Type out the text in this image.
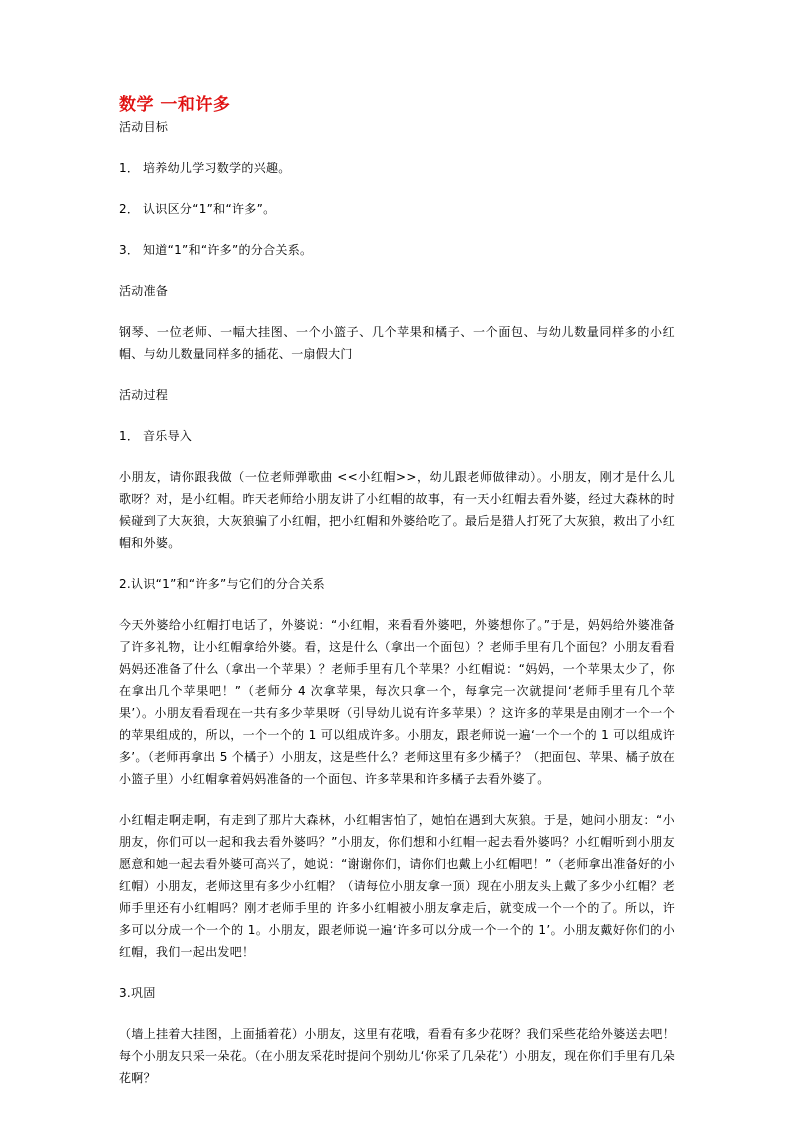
数学 一和许多

活动目标

1． 培养幼儿学习数学的兴趣。

2． 认识区分“1”和“许多”。

3． 知道“1”和“许多”的分合关系。

活动准备

钢琴、一位老师、一幅大挂图、一个小篮子、几个苹果和橘子、一个面包、与幼儿数量同样多的小红帽、与幼儿数量同样多的插花、一扇假大门

活动过程

1． 音乐导入

小朋友，请你跟我做（一位老师弹歌曲 <<小红帽>>，幼儿跟老师做律动）。小朋友，刚才是什么儿歌呀？对，是小红帽。昨天老师给小朋友讲了小红帽的故事，有一天小红帽去看外婆，经过大森林的时候碰到了大灰狼，大灰狼骗了小红帽，把小红帽和外婆给吃了。最后是猎人打死了大灰狼，救出了小红帽和外婆。

2.认识“1”和“许多”与它们的分合关系

今天外婆给小红帽打电话了，外婆说：“小红帽，来看看外婆吧，外婆想你了。”于是，妈妈给外婆准备了许多礼物，让小红帽拿给外婆。看，这是什么（拿出一个面包）？老师手里有几个面包？小朋友看看妈妈还准备了什么（拿出一个苹果）？老师手里有几个苹果？小红帽说：“妈妈，一个苹果太少了，你在拿出几个苹果吧！”（老师分 4 次拿苹果，每次只拿一个，每拿完一次就提问‘老师手里有几个苹果’）。小朋友看看现在一共有多少苹果呀（引导幼儿说有许多苹果）？这许多的苹果是由刚才一个一个的苹果组成的，所以，一个一个的 1 可以组成许多。小朋友，跟老师说一遍‘一个一个的 1 可以组成许多’。（老师再拿出 5 个橘子）小朋友，这是些什么？老师这里有多少橘子？（把面包、苹果、橘子放在小篮子里）小红帽拿着妈妈准备的一个面包、许多苹果和许多橘子去看外婆了。

小红帽走啊走啊，有走到了那片大森林，小红帽害怕了，她怕在遇到大灰狼。于是，她问小朋友：“小朋友，你们可以一起和我去看外婆吗？”小朋友，你们想和小红帽一起去看外婆吗？小红帽听到小朋友愿意和她一起去看外婆可高兴了，她说：“谢谢你们，请你们也戴上小红帽吧！”（老师拿出准备好的小红帽）小朋友，老师这里有多少小红帽？（请每位小朋友拿一顶）现在小朋友头上戴了多少小红帽？老师手里还有小红帽吗？刚才老师手里的 许多小红帽被小朋友拿走后，就变成一个一个的了。所以，许多可以分成一个一个的 1。小朋友，跟老师说一遍‘许多可以分成一个一个的 1’。小朋友戴好你们的小红帽，我们一起出发吧！

3.巩固

（墙上挂着大挂图，上面插着花）小朋友，这里有花哦，看看有多少花呀？我们采些花给外婆送去吧！每个小朋友只采一朵花。（在小朋友采花时提问个别幼儿‘你采了几朵花’）小朋友，现在你们手里有几朵花啊？
